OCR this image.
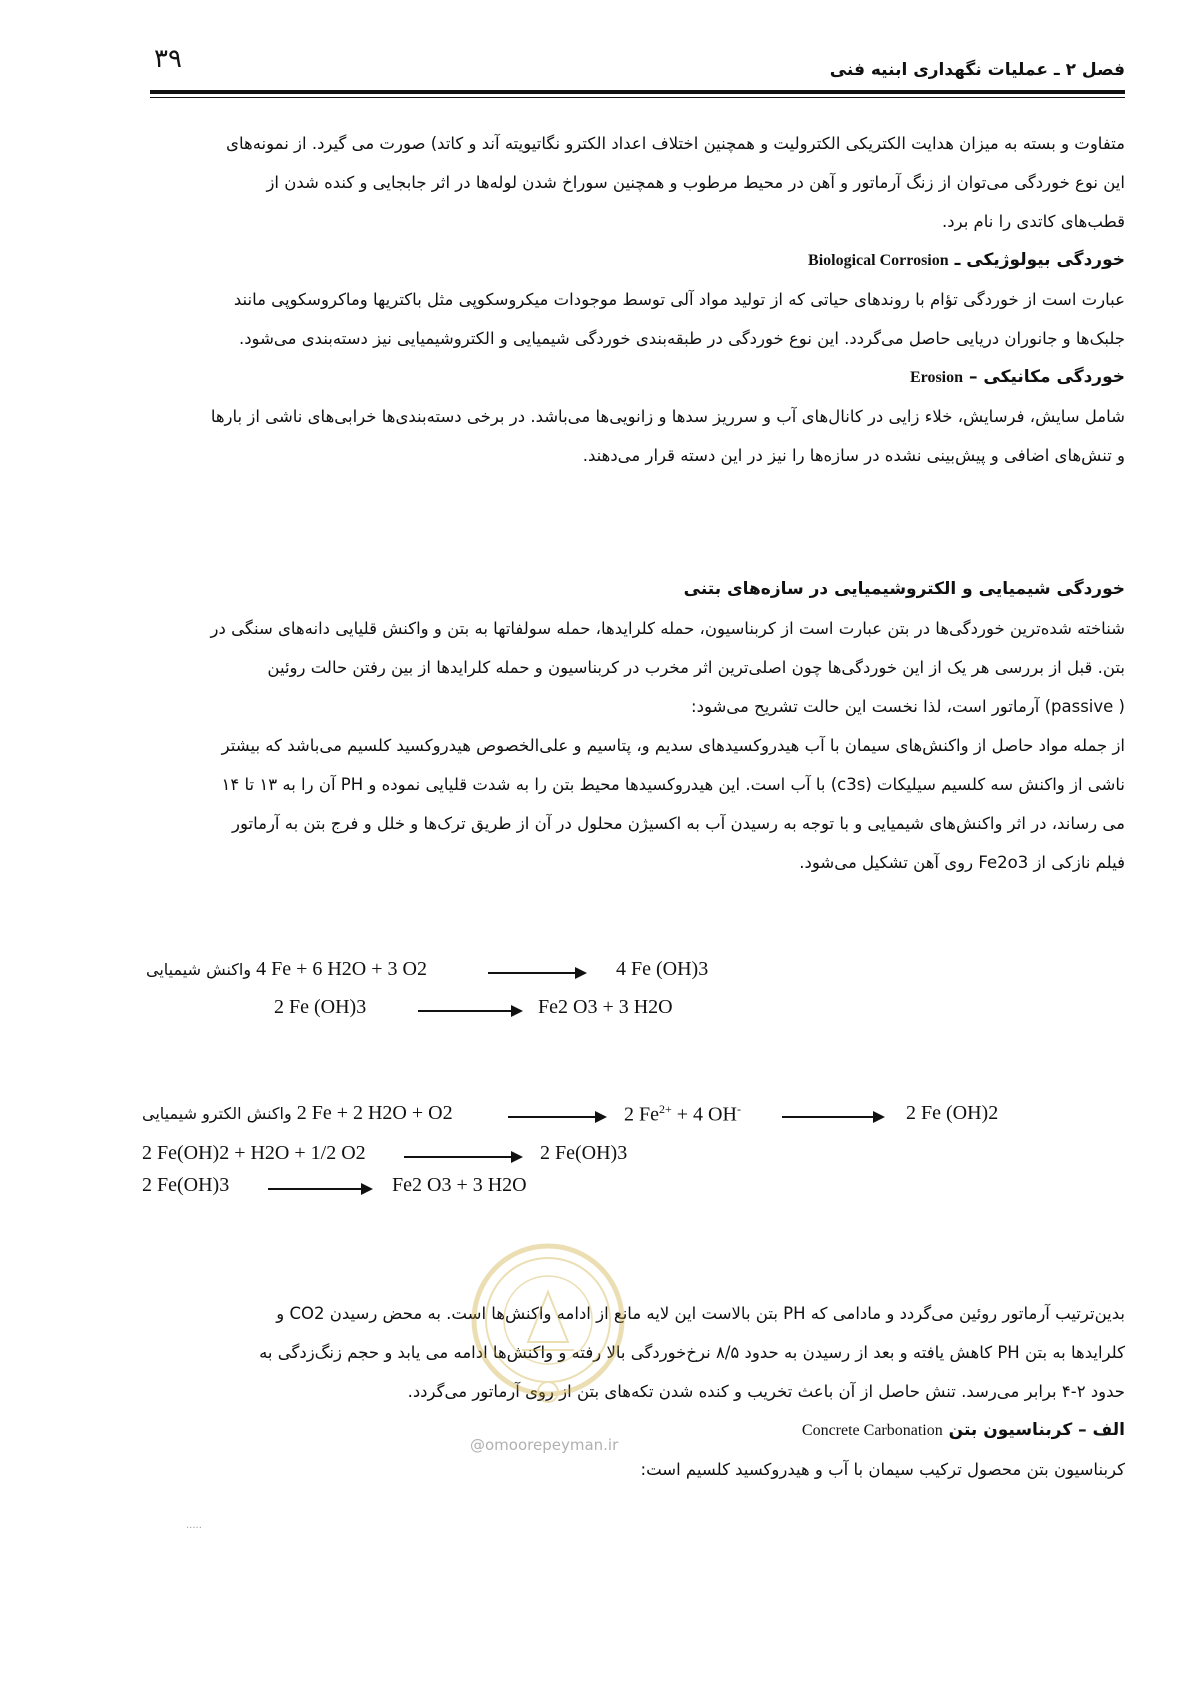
۳۹	فصل ۲ ـ عملیات نگهداری ابنیه فنی

متفاوت و بسته به میزان هدایت الکتریکی الکترولیت و همچنین اختلاف اعداد الکترو نگاتیویته آند و کاتد) صورت می گیرد. از نمونه‌های

این نوع خوردگی می‌توان از زنگ آرماتور و آهن در محیط مرطوب و همچنین سوراخ شدن لوله‌ها در اثر جابجایی و کنده شدن از

قطب‌های کاتدی را نام برد.

خوردگی بیولوژیکی ـ Biological Corrosion

عبارت است از خوردگی تؤام با روندهای حیاتی که از تولید مواد آلی توسط موجودات میکروسکوپی مثل باکتریها وماکروسکوپی مانند

جلبک‌ها و جانوران دریایی حاصل می‌گردد. این نوع خوردگی در طبقه‌بندی خوردگی شیمیایی و الکتروشیمیایی نیز دسته‌بندی می‌شود.

خوردگی مکانیکی – Erosion

شامل سایش، فرسایش، خلاء زایی در کانال‌های آب و سرریز سدها و زانویی‌ها می‌باشد. در برخی دسته‌بندی‌ها خرابی‌های ناشی از بارها

و تنش‌های اضافی و پیش‌بینی نشده در سازه‌ها را نیز در این دسته قرار می‌دهند.

خوردگی شیمیایی و الکتروشیمیایی در سازه‌های بتنی

شناخته شده‌ترین خوردگی‌ها در بتن عبارت است از کربناسیون، حمله کلرایدها، حمله سولفاتها به بتن و واکنش قلیایی دانه‌های سنگی در

بتن. قبل از بررسی هر یک از این خوردگی‌ها چون اصلی‌ترین اثر مخرب در کربناسیون و حمله کلرایدها از بین رفتن حالت روئین

( passive) آرماتور است، لذا نخست این حالت تشریح می‌شود:

از جمله مواد حاصل از واکنش‌های سیمان با آب هیدروکسیدهای سدیم و، پتاسیم و علی‌الخصوص هیدروکسید کلسیم می‌باشد که بیشتر

ناشی از واکنش سه کلسیم سیلیکات (c3s) با آب است. این هیدروکسیدها محیط بتن را به شدت قلیایی نموده و PH آن را به ۱۳ تا ۱۴

می رساند، در اثر واکنش‌های شیمیایی و با توجه به رسیدن آب به اکسیژن محلول در آن از طریق ترک‌ها و خلل و فرج بتن به آرماتور

فیلم نازکی از Fe2o3 روی آهن تشکیل می‌شود.

واکنش شیمیایی 4 Fe + 6 H2O + 3 O2	4 Fe (OH)3
2 Fe (OH)3	Fe2 O3 + 3 H2O
واکنش الکترو شیمیایی 2 Fe + 2 H2O + O2	2 $Fe^{2+} + 4$ OH-	2 Fe (OH)2
2 Fe(OH)2 + H2O + 1/2 O2	2 Fe(OH)3
2 Fe(OH)3	Fe2 O3 + 3 H2O

بدین‌ترتیب آرماتور روئین می‌گردد و مادامی که PH بتن بالاست این لایه مانع از ادامه واکنش‌ها است. به محض رسیدن CO2 و

کلرایدها به بتن PH کاهش یافته و بعد از رسیدن به حدود ۸/۵ نرخ‌خوردگی بالا رفته و واکنش‌ها ادامه می یابد و حجم زنگ‌زدگی به

حدود ۲-۴ برابر می‌رسد. تنش حاصل از آن باعث تخریب و کنده شدن تکه‌های بتن از روی آرماتور می‌گردد.

الف – کربناسیون بتن Concrete Carbonation

کربناسیون بتن محصول ترکیب سیمان با آب و هیدروکسید کلسیم است:

@omoorepeyman.ir
.....
